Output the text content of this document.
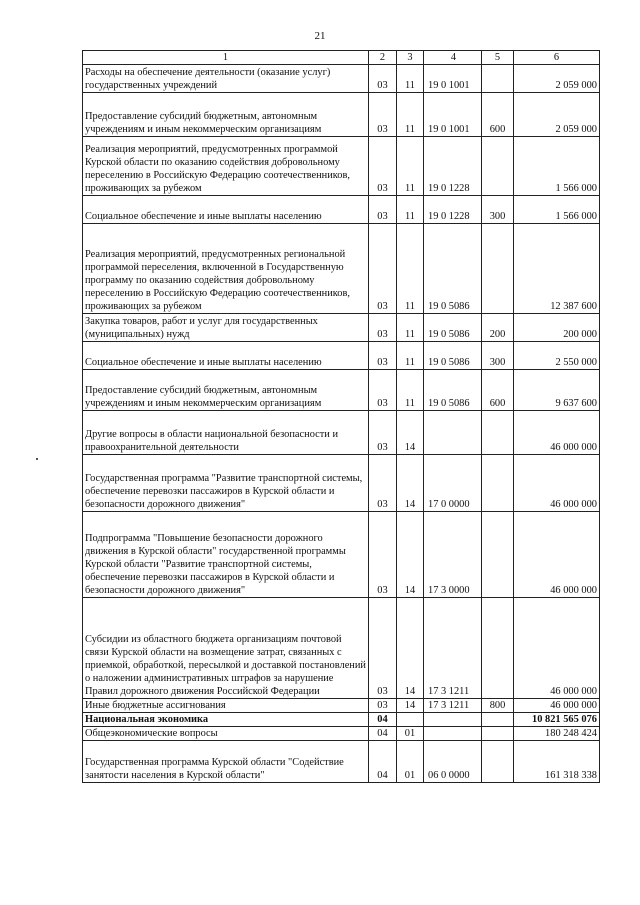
21
1	2	3	4	5	6
Расходы на обеспечение деятельности (оказание услуг) государственных учреждений	03	11	19 0 1001		2 059 000
Предоставление субсидий бюджетным, автономным учреждениям и иным некоммерческим организациям	03	11	19 0 1001	600	2 059 000
Реализация мероприятий, предусмотренных программой Курской области по оказанию содействия добровольному переселению в Российскую Федерацию соотечественников, проживающих за рубежом	03	11	19 0 1228		1 566 000
Социальное обеспечение и иные выплаты населению	03	11	19 0 1228	300	1 566 000
Реализация мероприятий, предусмотренных региональной программой переселения, включенной в Государственную программу по оказанию содействия добровольному переселению в Российскую Федерацию соотечественников, проживающих за рубежом	03	11	19 0 5086		12 387 600
Закупка товаров, работ и услуг для государственных (муниципальных) нужд	03	11	19 0 5086	200	200 000
Социальное обеспечение и иные выплаты населению	03	11	19 0 5086	300	2 550 000
Предоставление субсидий бюджетным, автономным учреждениям и иным некоммерческим организациям	03	11	19 0 5086	600	9 637 600
Другие вопросы в области национальной безопасности и правоохранительной деятельности	03	14			46 000 000
Государственная программа "Развитие транспортной системы, обеспечение перевозки пассажиров в Курской области и безопасности дорожного движения"	03	14	17 0 0000		46 000 000
Подпрограмма "Повышение безопасности дорожного движения в Курской области" государственной программы Курской области "Развитие транспортной системы, обеспечение перевозки пассажиров в Курской области и безопасности дорожного движения"	03	14	17 3 0000		46 000 000
Субсидии из областного бюджета организациям почтовой связи Курской области на возмещение затрат, связанных с приемкой, обработкой, пересылкой и доставкой постановлений о наложении административных штрафов за нарушение Правил дорожного движения Российской Федерации	03	14	17 3 1211		46 000 000
Иные бюджетные ассигнования	03	14	17 3 1211	800	46 000 000
Национальная экономика	04				10 821 565 076
Общеэкономические вопросы	04	01			180 248 424
Государственная программа Курской области "Содействие занятости населения в Курской области"	04	01	06 0 0000		161 318 338
